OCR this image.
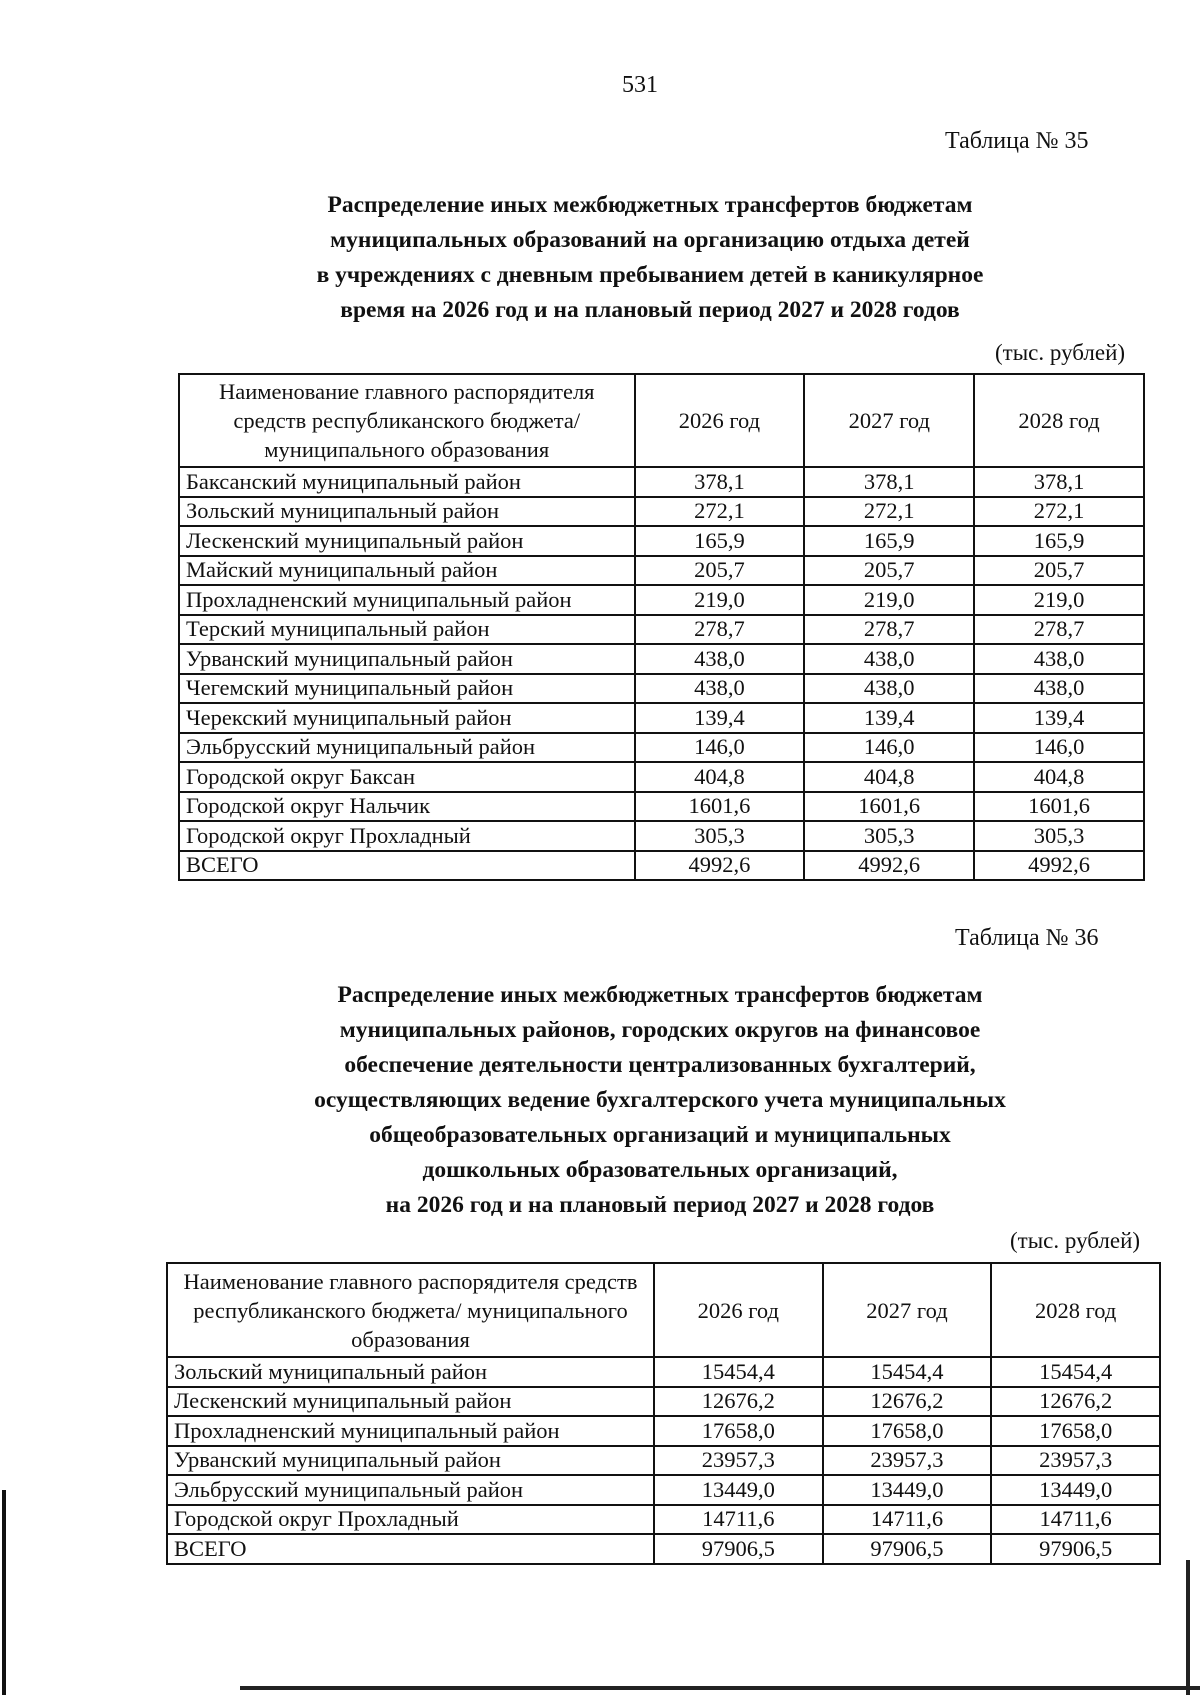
531
Таблица № 35
Распределение иных межбюджетных трансфертов бюджетам
муниципальных образований на организацию отдыха детей
в учреждениях с дневным пребыванием детей в каникулярное
время на 2026 год и на плановый период 2027 и 2028 годов
(тыс. рублей)
Наименование главного распорядителя средств республиканского бюджета/ муниципального образования	2026 год	2027 год	2028 год
Баксанский муниципальный район	378,1	378,1	378,1
Зольский муниципальный район	272,1	272,1	272,1
Лескенский муниципальный район	165,9	165,9	165,9
Майский муниципальный район	205,7	205,7	205,7
Прохладненский муниципальный район	219,0	219,0	219,0
Терский муниципальный район	278,7	278,7	278,7
Урванский муниципальный район	438,0	438,0	438,0
Чегемский муниципальный район	438,0	438,0	438,0
Черекский муниципальный район	139,4	139,4	139,4
Эльбрусский муниципальный район	146,0	146,0	146,0
Городской округ Баксан	404,8	404,8	404,8
Городской округ Нальчик	1601,6	1601,6	1601,6
Городской округ Прохладный	305,3	305,3	305,3
ВСЕГО	4992,6	4992,6	4992,6
Таблица № 36
Распределение иных межбюджетных трансфертов бюджетам
муниципальных районов, городских округов на финансовое
обеспечение деятельности централизованных бухгалтерий,
осуществляющих ведение бухгалтерского учета муниципальных
общеобразовательных организаций и муниципальных
дошкольных образовательных организаций,
на 2026 год и на плановый период 2027 и 2028 годов
(тыс. рублей)
Наименование главного распорядителя средств республиканского бюджета/ муниципального образования	2026 год	2027 год	2028 год
Зольский муниципальный район	15454,4	15454,4	15454,4
Лескенский муниципальный район	12676,2	12676,2	12676,2
Прохладненский муниципальный район	17658,0	17658,0	17658,0
Урванский муниципальный район	23957,3	23957,3	23957,3
Эльбрусский муниципальный район	13449,0	13449,0	13449,0
Городской округ Прохладный	14711,6	14711,6	14711,6
ВСЕГО	97906,5	97906,5	97906,5
